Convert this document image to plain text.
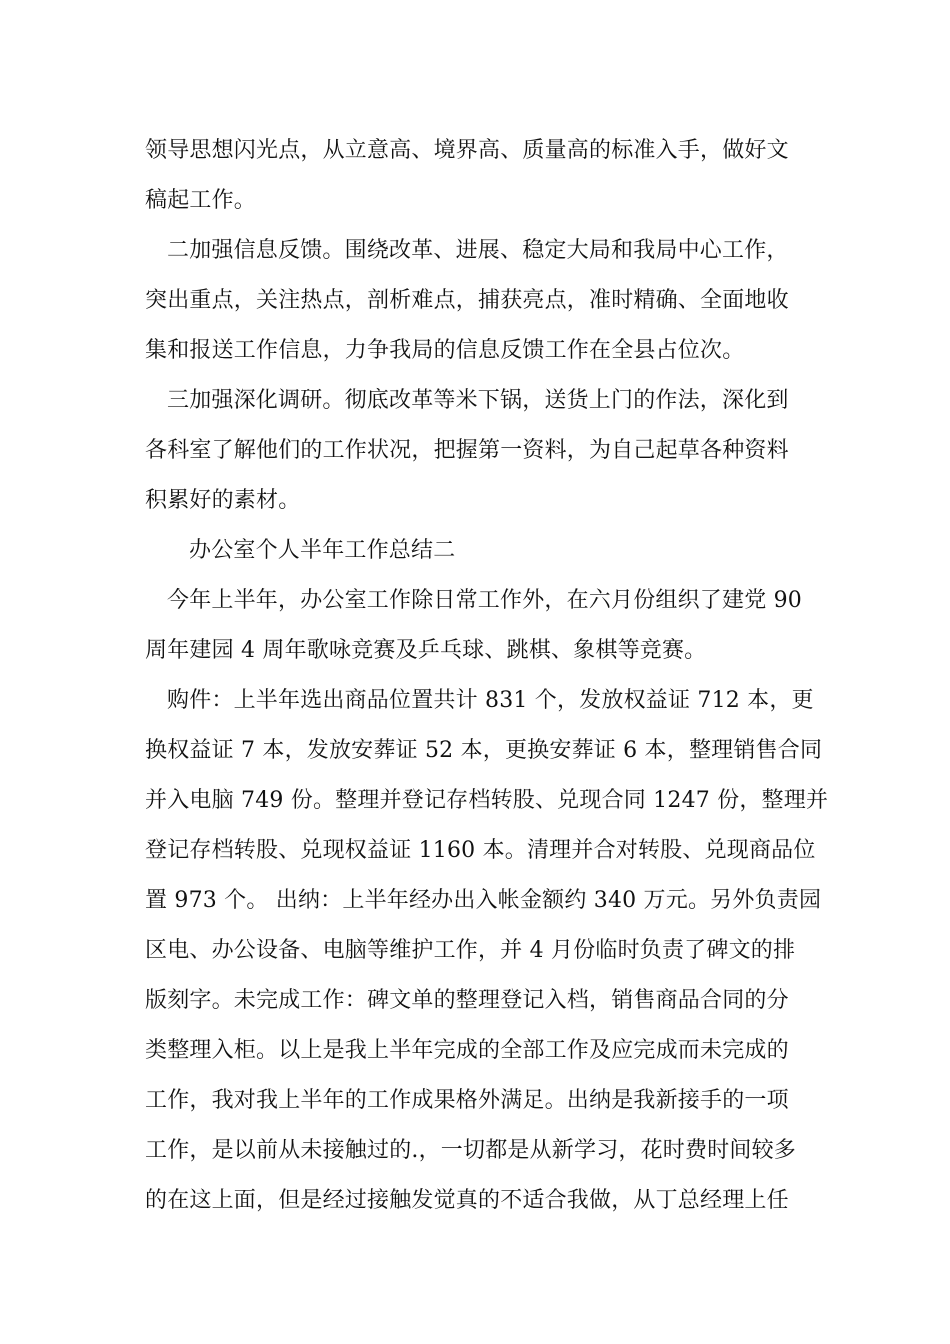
领导思想闪光点，从立意高、境界高、质量高的标准入手，做好文
稿起工作。
二加强信息反馈。围绕改革、进展、稳定大局和我局中心工作，
突出重点，关注热点，剖析难点，捕获亮点，准时精确、全面地收
集和报送工作信息，力争我局的信息反馈工作在全县占位次。
三加强深化调研。彻底改革等米下锅，送货上门的作法，深化到
各科室了解他们的工作状况，把握第一资料，为自己起草各种资料
积累好的素材。
办公室个人半年工作总结二
今年上半年，办公室工作除日常工作外，在六月份组织了建党 90
周年建园 4 周年歌咏竞赛及乒乓球、跳棋、象棋等竞赛。
购件：上半年选出商品位置共计 831 个，发放权益证 712 本，更
换权益证 7 本，发放安葬证 52 本，更换安葬证 6 本，整理销售合同
并入电脑 749 份。整理并登记存档转股、兑现合同 1247 份，整理并
登记存档转股、兑现权益证 1160 本。清理并合对转股、兑现商品位
置 973 个。 出纳：上半年经办出入帐金额约 340 万元。另外负责园
区电、办公设备、电脑等维护工作，并 4 月份临时负责了碑文的排
版刻字。未完成工作：碑文单的整理登记入档，销售商品合同的分
类整理入柜。以上是我上半年完成的全部工作及应完成而未完成的
工作，我对我上半年的工作成果格外满足。出纳是我新接手的一项
工作，是以前从未接触过的.，一切都是从新学习，花时费时间较多
的在这上面，但是经过接触发觉真的不适合我做，从丁总经理上任
